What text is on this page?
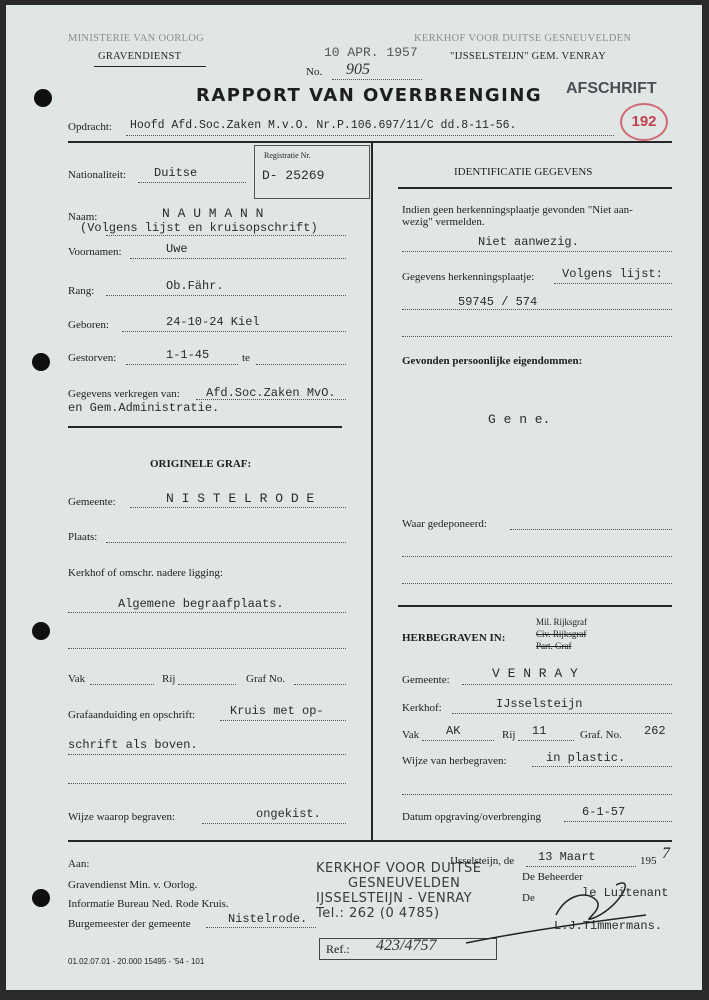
MINISTERIE VAN OORLOG
GRAVENDIENST	10 APR. 1957
No. 905
KERKHOF VOOR DUITSE GESNEUVELDEN
"IJSSELSTEIJN" GEM. VENRAY
RAPPORT VAN OVERBRENGING AFSCHRIFT
192
Opdracht: Hoofd Afd.Soc.Zaken M.v.O. Nr.P.106.697/11/C dd.8-11-56.
Nationaliteit: Duitse
Registratie Nr.
D- 25269
Naam:	N A U M A N N
(Volgens lijst en kruisopschrift)
Voornamen:	Uwe
Rang:	Ob.Fähr.
Geboren:	24-10-24 Kiel
Gestorven:	1-1-45	te
Gegevens verkregen van: Afd.Soc.Zaken MvO.
en Gem.Administratie.
ORIGINELE GRAF:
Gemeente:	N I S T E L R O D E
Plaats:
Kerkhof of omschr. nadere ligging:
Algemene begraafplaats.
Vak	Rij	Graf No.
Grafaanduiding en opschrift:	Kruis met op-
schrift als boven.
Wijze waarop begraven:	ongekist.
IDENTIFICATIE GEGEVENS
Indien geen herkenningsplaatje gevonden "Niet aan-
wezig" vermelden.
Niet aanwezig.
Gegevens herkenningsplaatje: Volgens lijst:
59745 / 574
Gevonden persoonlijke eigendommen:
G e n e.
Waar gedeponeerd:
HERBEGRAVEN IN:
Mil. Rijksgraf
Civ. Rijksgraf
Part. Graf
Gemeente:	V E N R A Y
Kerkhof:	IJsselsteijn
Vak AK	Rij 11	Graf. No. 262
Wijze van herbegraven:	in plastic.
Datum opgraving/overbrenging	6-1-57
Aan:
Gravendienst Min. v. Oorlog.
Informatie Bureau Ned. Rode Kruis.
Burgemeester der gemeente	Nistelrode.
KERKHOF VOOR DUITSE
GESNEUVELDEN
IJSSELSTEIJN - VENRAY
Tel.: 262 (0 4785)
Ref.: 423/4757
IJsselsteijn, de 13 Maart	195 7
De Beheerder
De	le Luitenant
L.J.Timmermans.
01.02.07.01 - 20.000 15495 - '54 - 101
